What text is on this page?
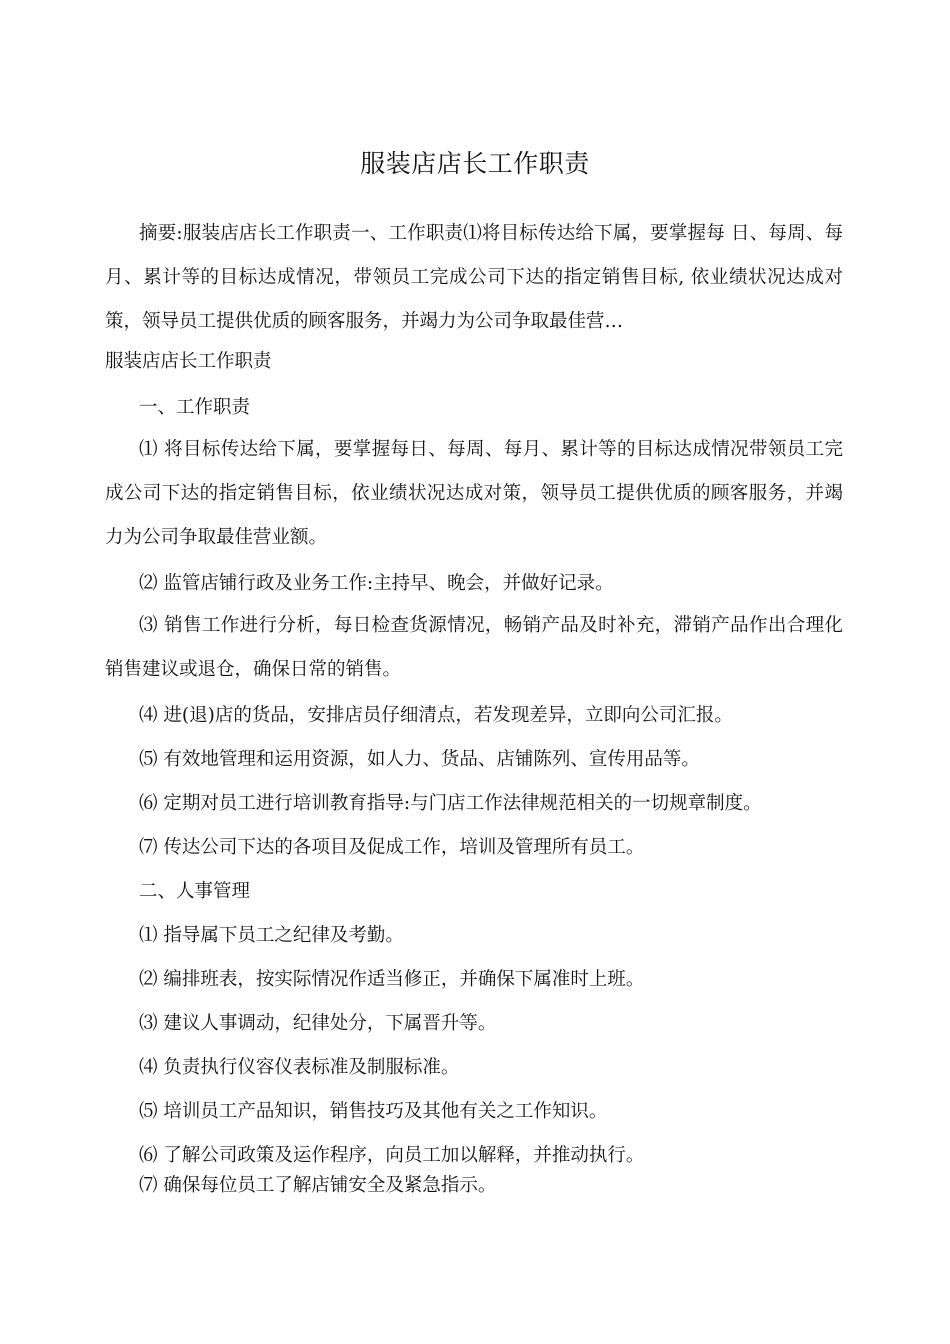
服装店店长工作职责
摘要:服装店店长工作职责一、工作职责⑴将目标传达给下属，要掌握每 日、每周、每月、累计等的目标达成情况，带领员工完成公司下达的指定销售目标, 依业绩状况达成对策，领导员工提供优质的顾客服务，并竭力为公司争取最佳营…
服装店店长工作职责
一、工作职责
⑴ 将目标传达给下属，要掌握每日、每周、每月、累计等的目标达成情况带领员工完成公司下达的指定销售目标，依业绩状况达成对策，领导员工提供优质的顾客服务，并竭力为公司争取最佳营业额。
⑵ 监管店铺行政及业务工作:主持早、晚会，并做好记录。
⑶ 销售工作进行分析，每日检查货源情况，畅销产品及时补充，滞销产品作出合理化销售建议或退仓，确保日常的销售。
⑷ 进(退)店的货品，安排店员仔细清点，若发现差异，立即向公司汇报。
⑸ 有效地管理和运用资源，如人力、货品、店铺陈列、宣传用品等。
⑹ 定期对员工进行培训教育指导:与门店工作法律规范相关的一切规章制度。
⑺ 传达公司下达的各项目及促成工作，培训及管理所有员工。
二、人事管理
⑴ 指导属下员工之纪律及考勤。
⑵ 编排班表，按实际情况作适当修正，并确保下属准时上班。
⑶ 建议人事调动，纪律处分，下属晋升等。
⑷ 负责执行仪容仪表标准及制服标准。
⑸ 培训员工产品知识，销售技巧及其他有关之工作知识。
⑹ 了解公司政策及运作程序，向员工加以解释，并推动执行。
⑺ 确保每位员工了解店铺安全及紧急指示。
